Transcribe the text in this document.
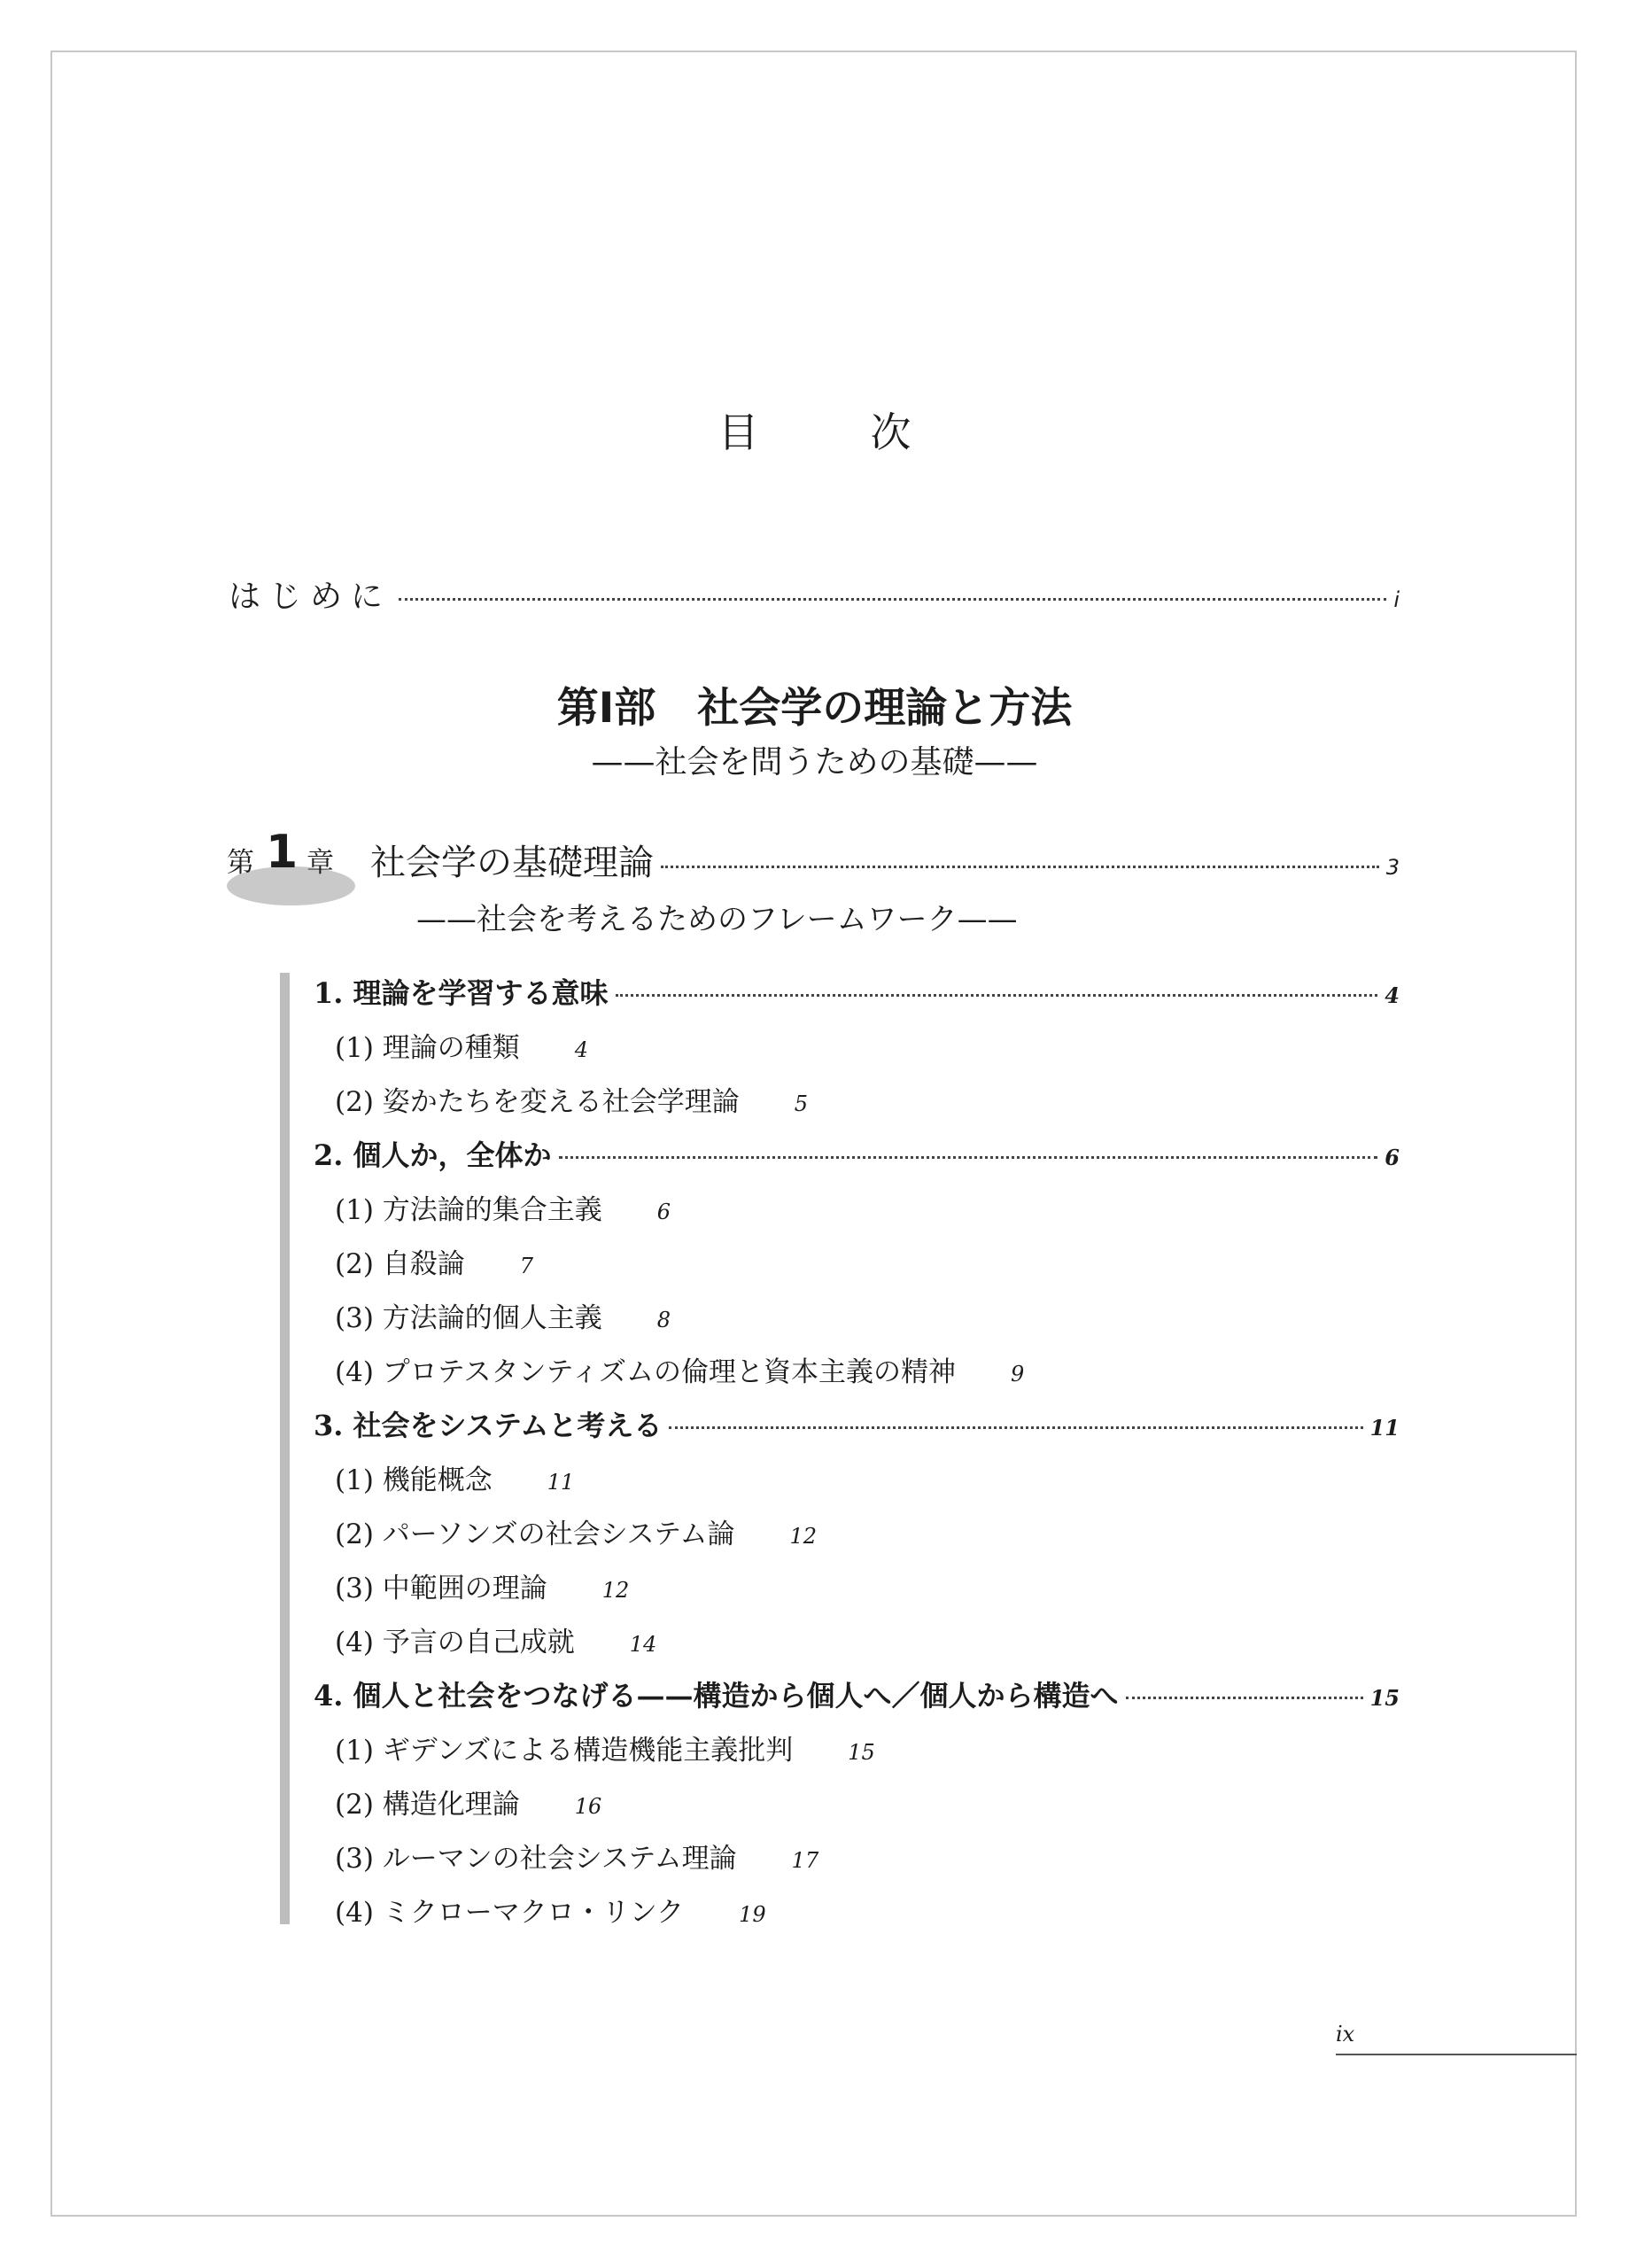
目　次
はじめに	i
第Ⅰ部　社会学の理論と方法
——社会を問うための基礎——
第 1 章 社会学の基礎理論	3
——社会を考えるためのフレームワーク——
1. 理論を学習する意味	4
(1) 理論の種類	4
(2) 姿かたちを変える社会学理論	5
2. 個人か，全体か	6
(1) 方法論的集合主義	6
(2) 自殺論	7
(3) 方法論的個人主義	8
(4) プロテスタンティズムの倫理と資本主義の精神	9
3. 社会をシステムと考える	11
(1) 機能概念	11
(2) パーソンズの社会システム論	12
(3) 中範囲の理論	12
(4) 予言の自己成就	14
4. 個人と社会をつなげる——構造から個人へ／個人から構造へ	15
(1) ギデンズによる構造機能主義批判	15
(2) 構造化理論	16
(3) ルーマンの社会システム理論	17
(4) ミクローマクロ・リンク	19
ix
